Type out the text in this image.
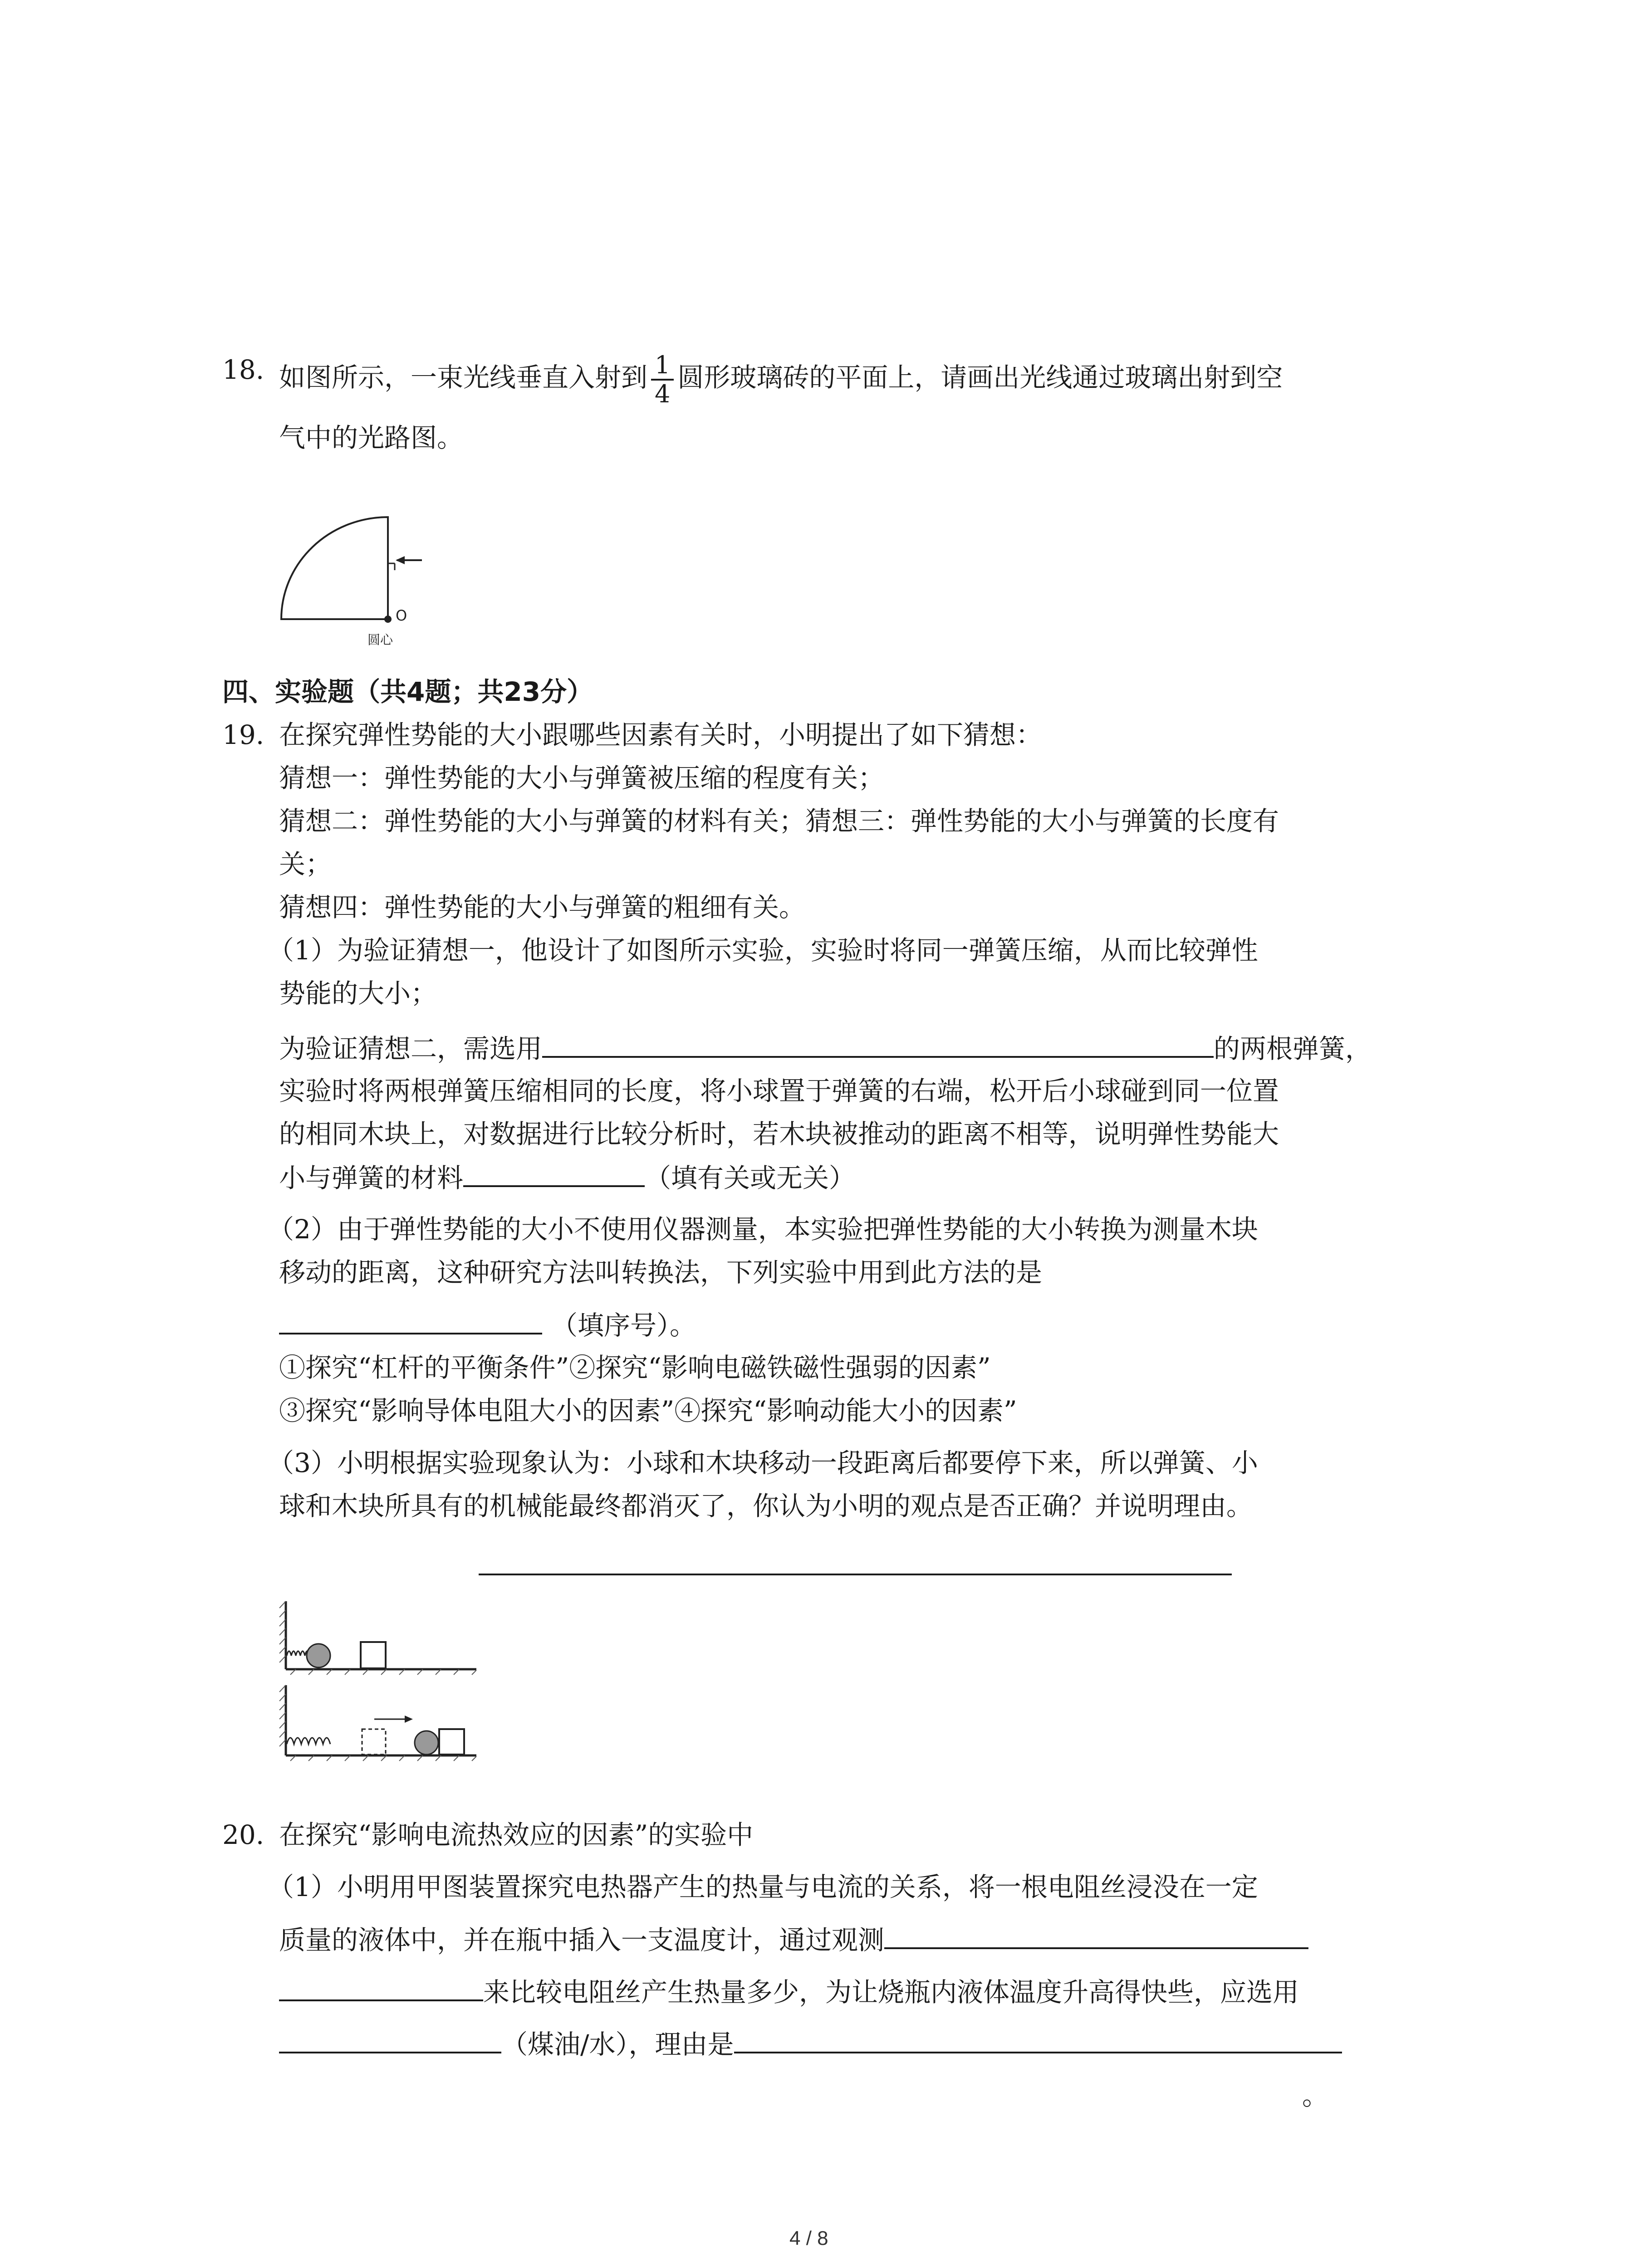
18. 如图所示，一束光线垂直入射到 $\frac{1}{4}$ 圆形玻璃砖的平面上，请画出光线通过玻璃出射到空
气中的光路图。
O
圆心
四、实验题（共4题；共23分）
19. 在探究弹性势能的大小跟哪些因素有关时，小明提出了如下猜想：
猜想一：弹性势能的大小与弹簧被压缩的程度有关；
猜想二：弹性势能的大小与弹簧的材料有关；猜想三：弹性势能的大小与弹簧的长度有
关；
猜想四：弹性势能的大小与弹簧的粗细有关。
（1）为验证猜想一，他设计了如图所示实验，实验时将同一弹簧压缩，从而比较弹性
势能的大小；
为验证猜想二，需选用	的两根弹簧，
实验时将两根弹簧压缩相同的长度，将小球置于弹簧的右端，松开后小球碰到同一位置
的相同木块上，对数据进行比较分析时，若木块被推动的距离不相等，说明弹性势能大
小与弹簧的材料	（填有关或无关）
（2）由于弹性势能的大小不使用仪器测量，本实验把弹性势能的大小转换为测量木块
移动的距离，这种研究方法叫转换法，下列实验中用到此方法的是
（填序号）。
①探究“杠杆的平衡条件”②探究“影响电磁铁磁性强弱的因素”
③探究“影响导体电阻大小的因素”④探究“影响动能大小的因素”
（3）小明根据实验现象认为：小球和木块移动一段距离后都要停下来，所以弹簧、小
球和木块所具有的机械能最终都消灭了，你认为小明的观点是否正确？并说明理由。
20. 在探究“影响电流热效应的因素”的实验中
（1）小明用甲图装置探究电热器产生的热量与电流的关系，将一根电阻丝浸没在一定
质量的液体中，并在瓶中插入一支温度计，通过观测
来比较电阻丝产生热量多少，为让烧瓶内液体温度升高得快些，应选用
（煤油/水），理由是
。
4 / 8
